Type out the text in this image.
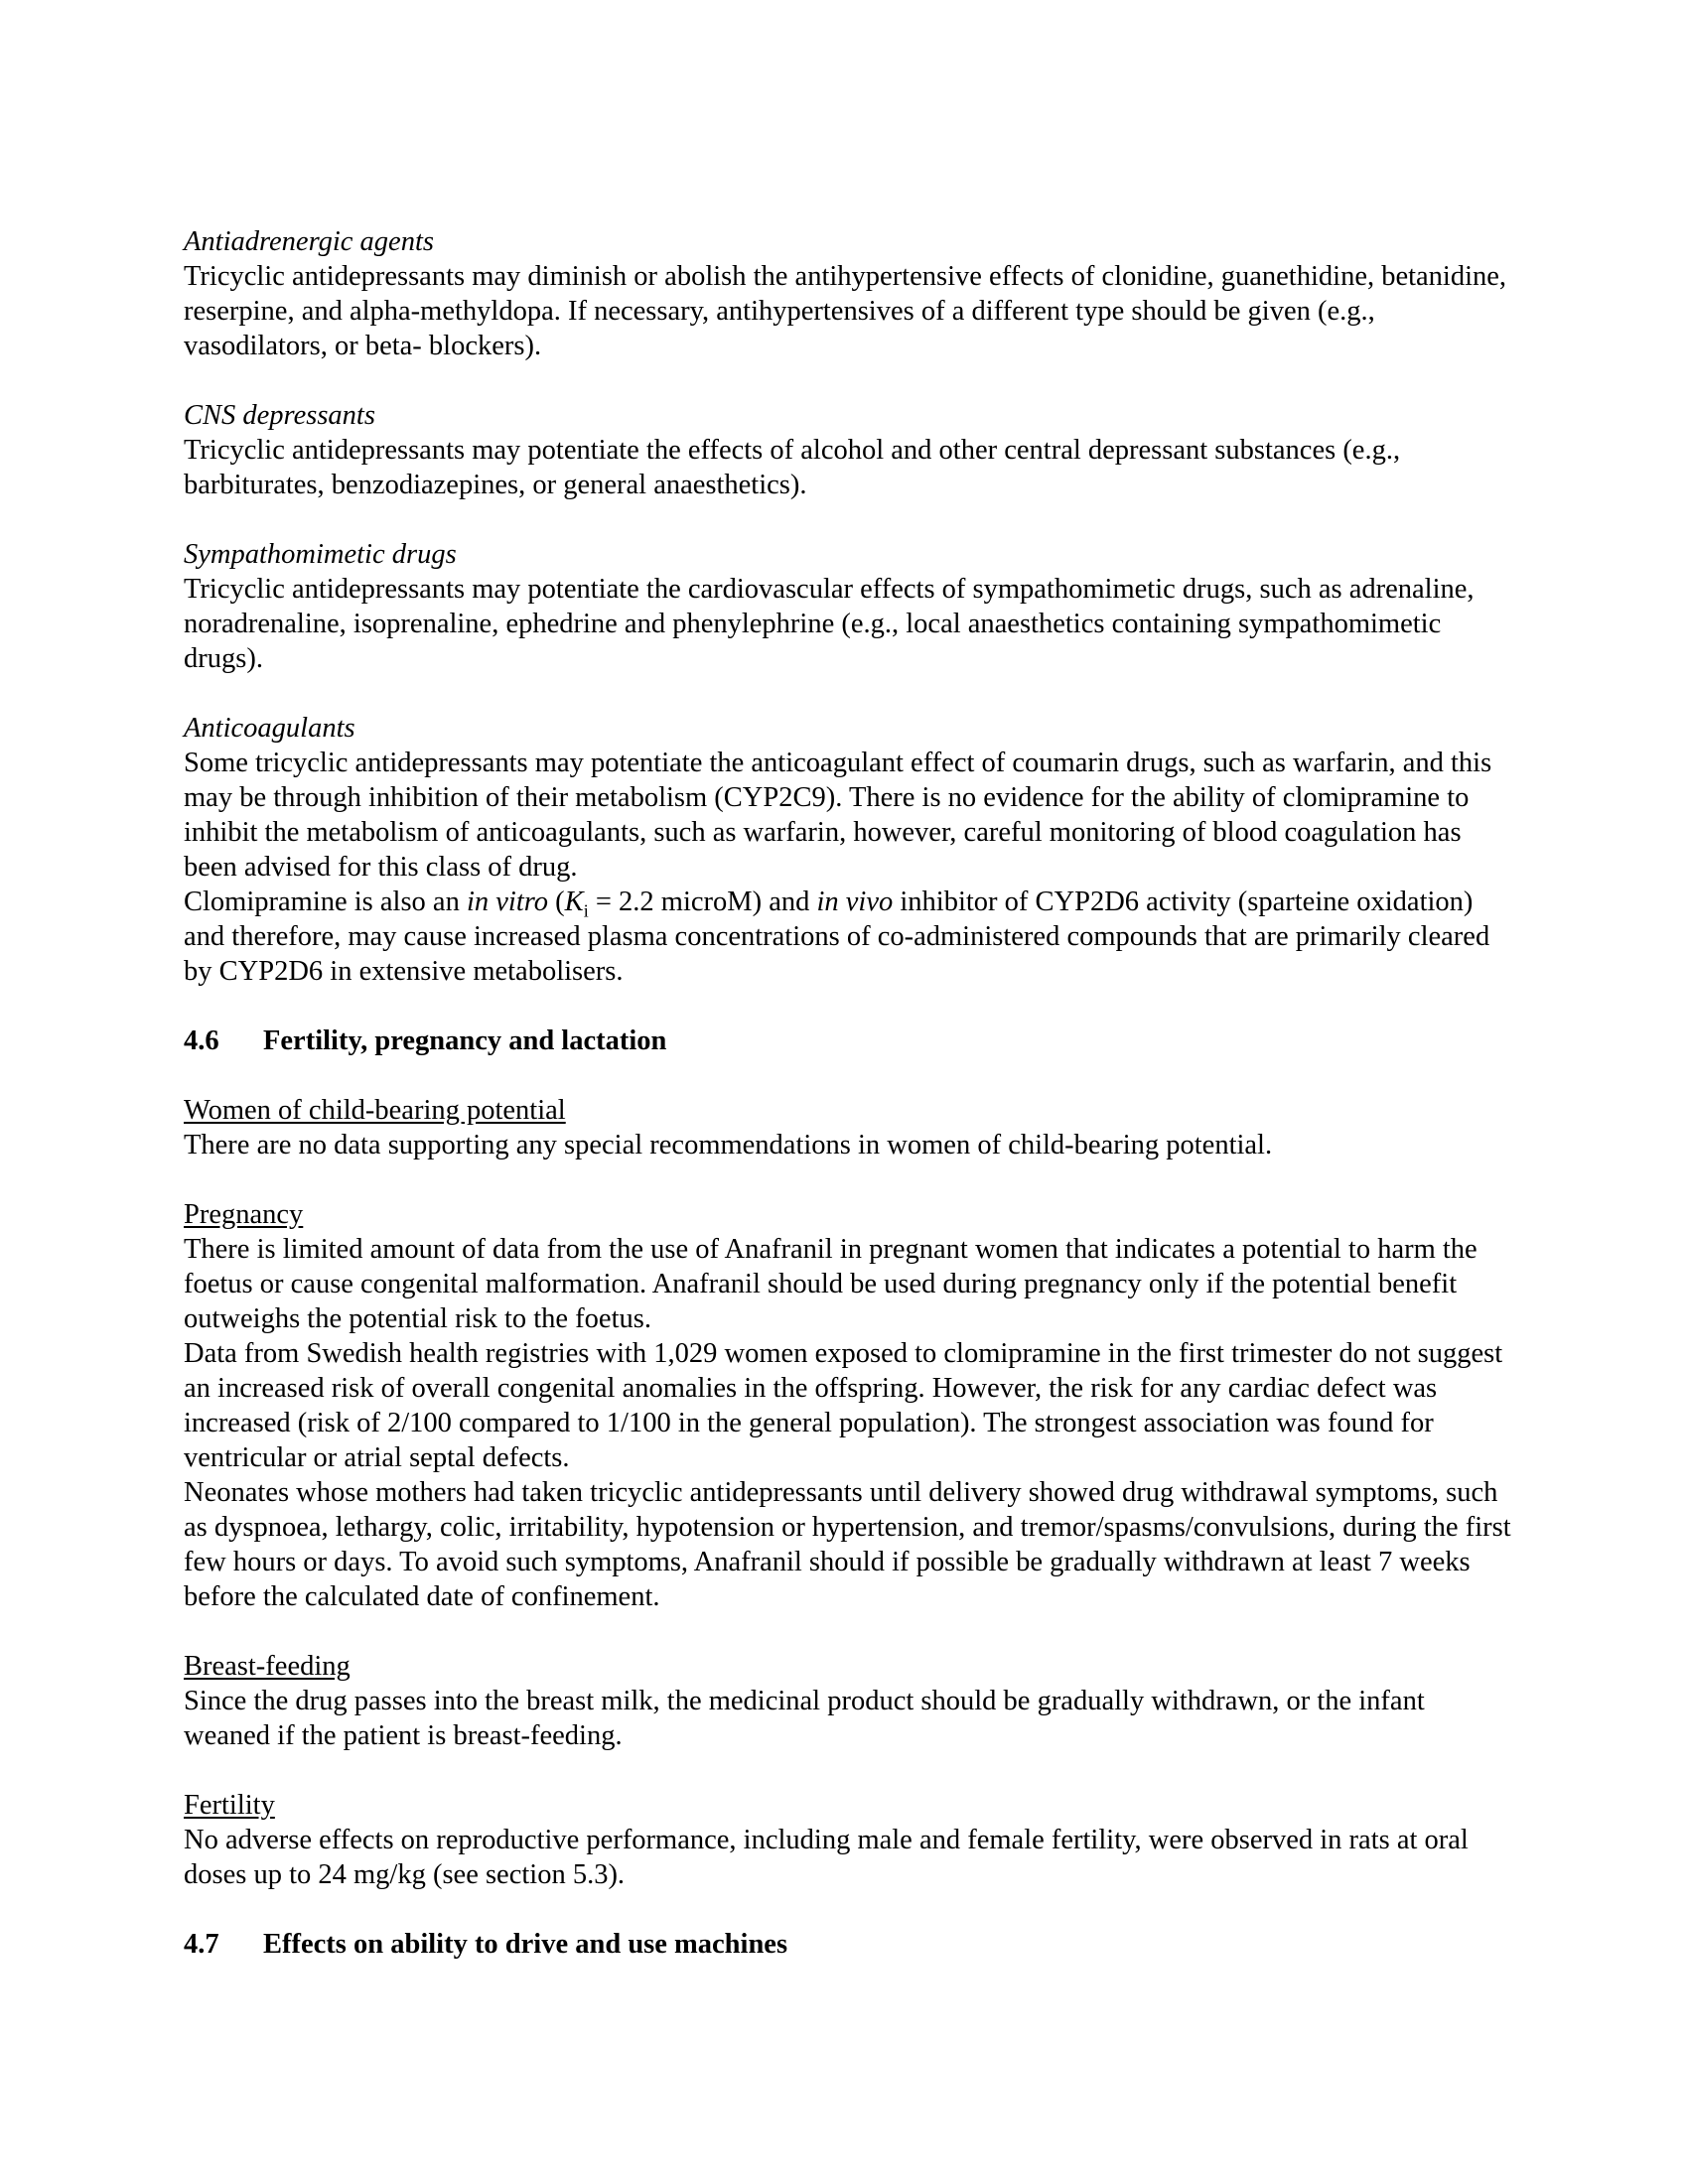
Antiadrenergic agents

Tricyclic antidepressants may diminish or abolish the antihypertensive effects of clonidine, guanethidine, betanidine, reserpine, and alpha-methyldopa. If necessary, antihypertensives of a different type should be given (e.g., vasodilators, or beta- blockers).

CNS depressants

Tricyclic antidepressants may potentiate the effects of alcohol and other central depressant substances (e.g., barbiturates, benzodiazepines, or general anaesthetics).

Sympathomimetic drugs

Tricyclic antidepressants may potentiate the cardiovascular effects of sympathomimetic drugs, such as adrenaline, noradrenaline, isoprenaline, ephedrine and phenylephrine (e.g., local anaesthetics containing sympathomimetic drugs).

Anticoagulants

Some tricyclic antidepressants may potentiate the anticoagulant effect of coumarin drugs, such as warfarin, and this may be through inhibition of their metabolism (CYP2C9). There is no evidence for the ability of clomipramine to inhibit the metabolism of anticoagulants, such as warfarin, however, careful monitoring of blood coagulation has been advised for this class of drug.

Clomipramine is also an in vitro ($K_i = 2.2$ microM) and in vivo inhibitor of CYP2D6 activity (sparteine oxidation) and therefore, may cause increased plasma concentrations of co-administered compounds that are primarily cleared by CYP2D6 in extensive metabolisers.

4.6 Fertility, pregnancy and lactation

Women of child-bearing potential

There are no data supporting any special recommendations in women of child-bearing potential.

Pregnancy

There is limited amount of data from the use of Anafranil in pregnant women that indicates a potential to harm the foetus or cause congenital malformation. Anafranil should be used during pregnancy only if the potential benefit outweighs the potential risk to the foetus.

Data from Swedish health registries with 1,029 women exposed to clomipramine in the first trimester do not suggest an increased risk of overall congenital anomalies in the offspring. However, the risk for any cardiac defect was increased (risk of 2/100 compared to 1/100 in the general population). The strongest association was found for ventricular or atrial septal defects.

Neonates whose mothers had taken tricyclic antidepressants until delivery showed drug withdrawal symptoms, such as dyspnoea, lethargy, colic, irritability, hypotension or hypertension, and tremor/spasms/convulsions, during the first few hours or days. To avoid such symptoms, Anafranil should if possible be gradually withdrawn at least 7 weeks before the calculated date of confinement.

Breast-feeding

Since the drug passes into the breast milk, the medicinal product should be gradually withdrawn, or the infant weaned if the patient is breast-feeding.

Fertility

No adverse effects on reproductive performance, including male and female fertility, were observed in rats at oral doses up to 24 mg/kg (see section 5.3).

4.7 Effects on ability to drive and use machines
